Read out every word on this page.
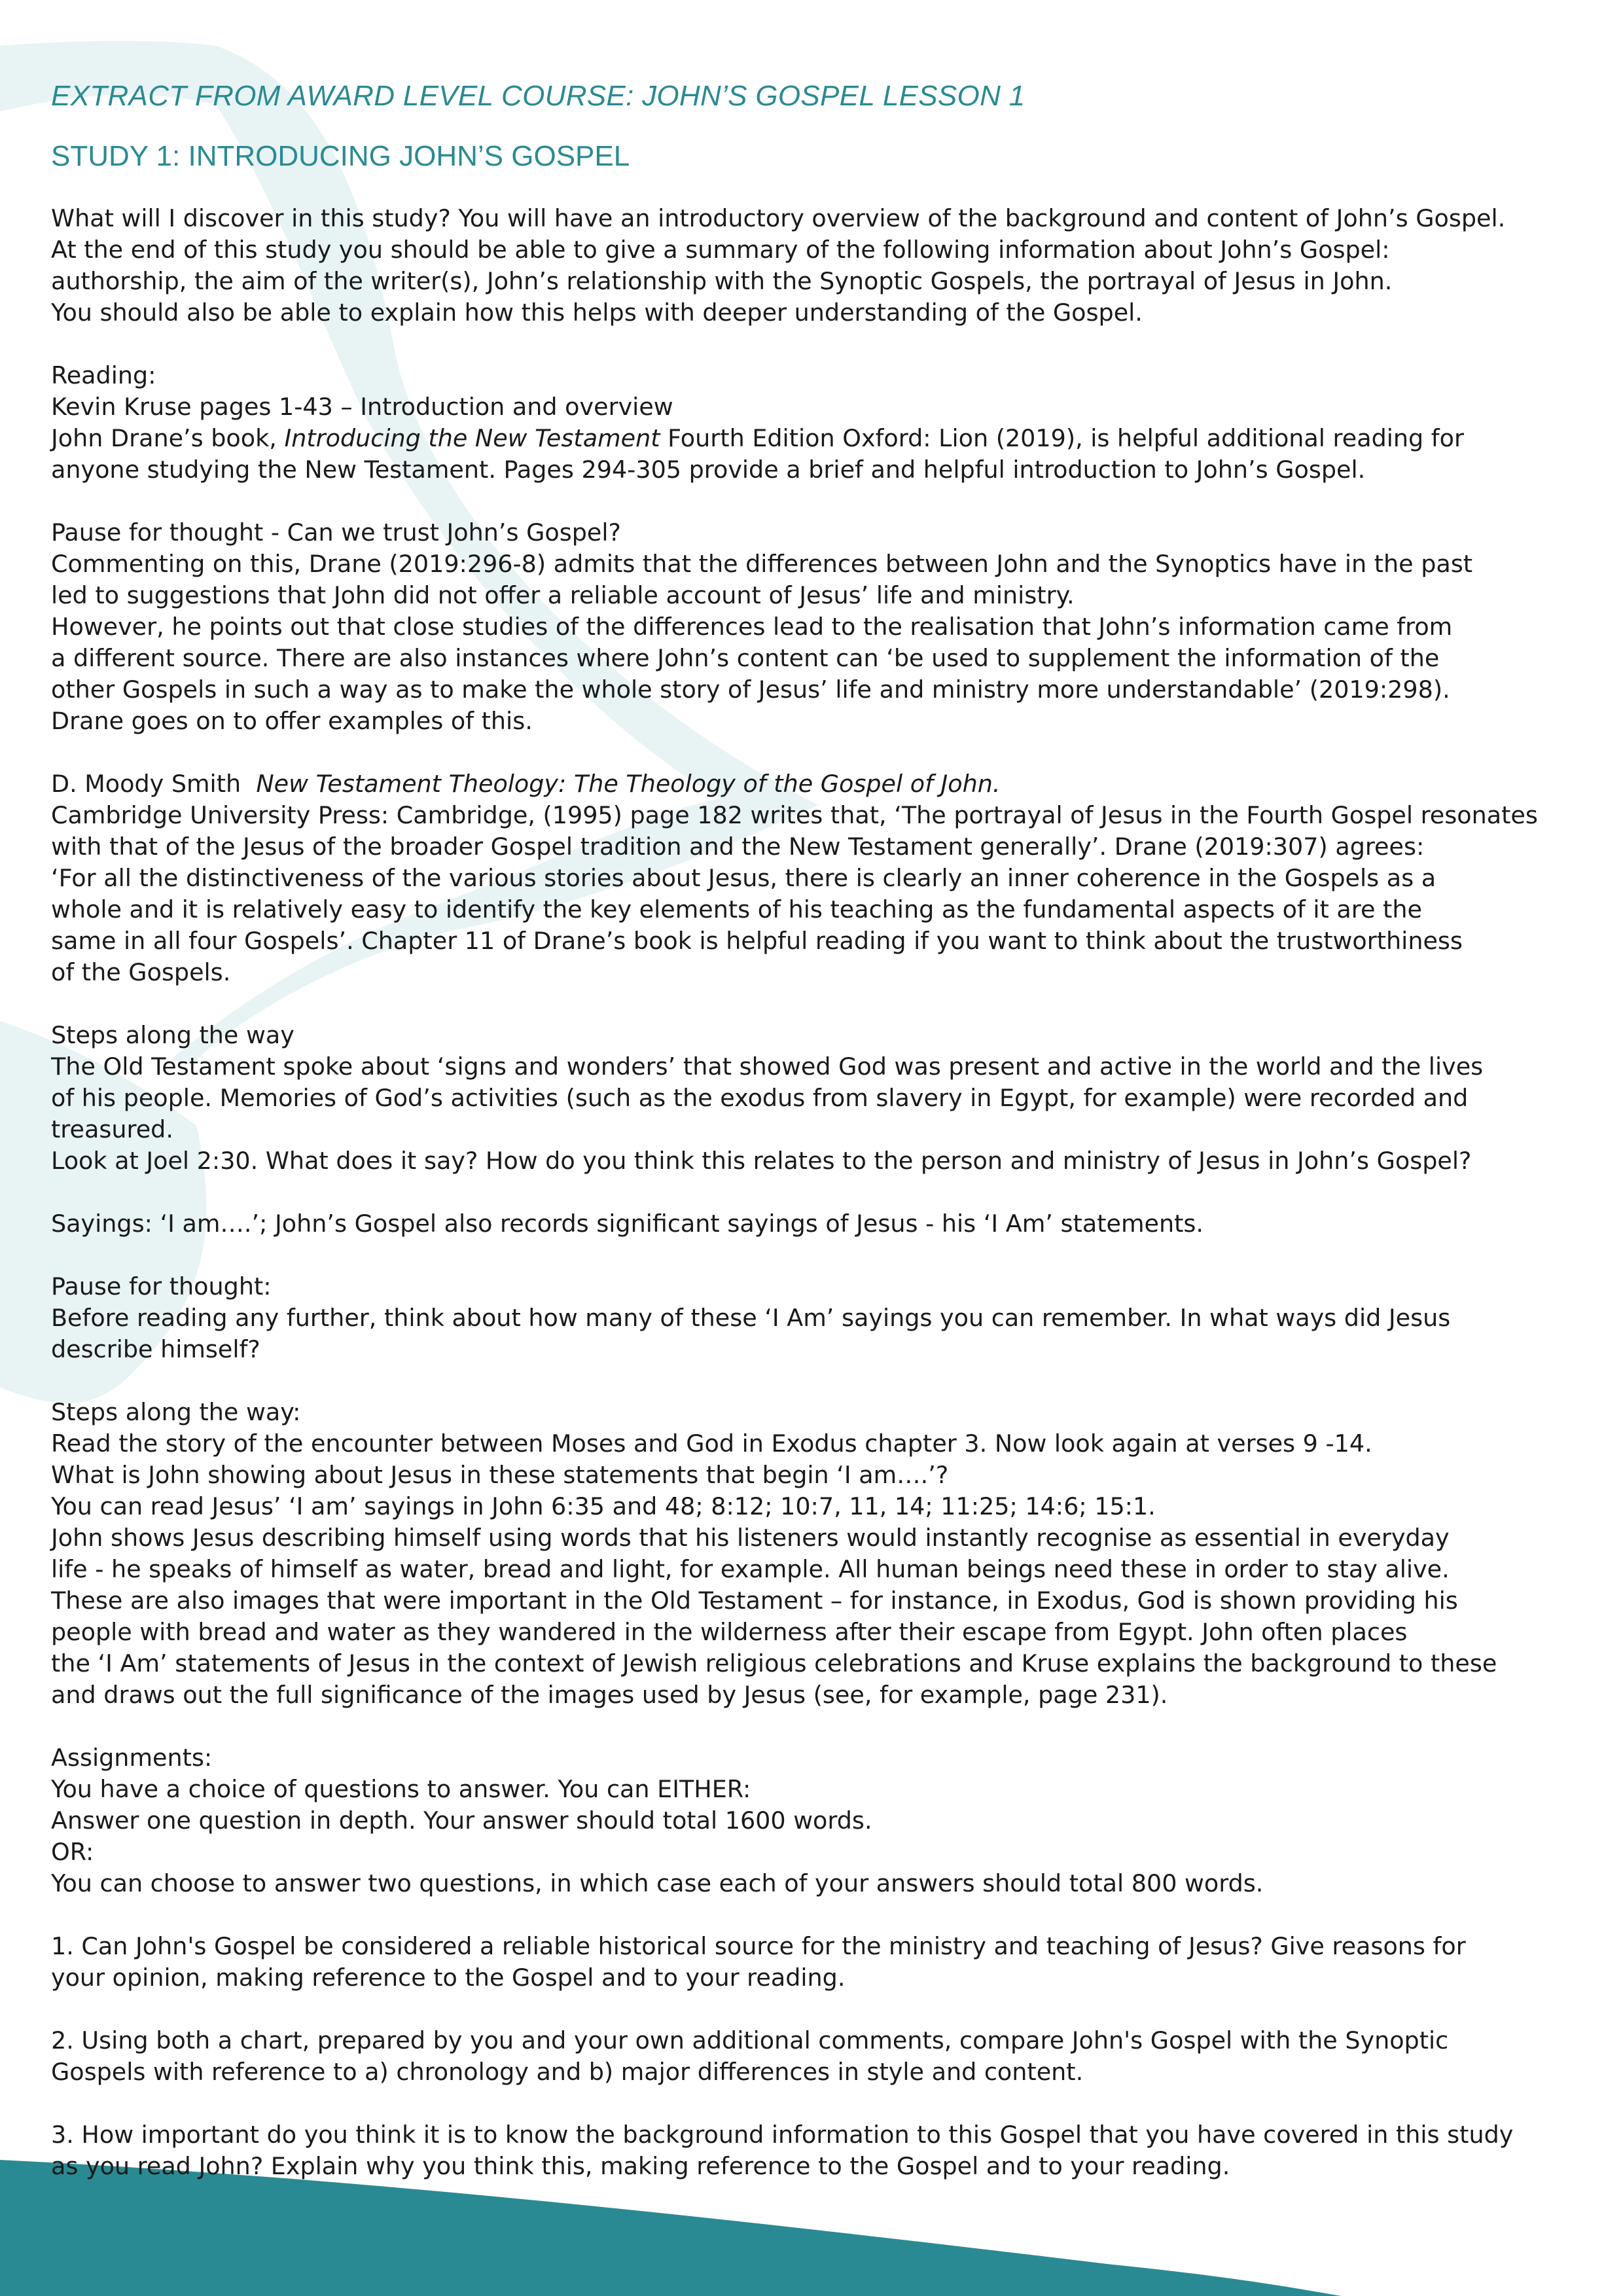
EXTRACT FROM AWARD LEVEL COURSE: JOHN’S GOSPEL LESSON 1
STUDY 1: INTRODUCING JOHN’S GOSPEL
What will I discover in this study? You will have an introductory overview of the background and content of John’s Gospel.
At the end of this study you should be able to give a summary of the following information about John’s Gospel:
authorship, the aim of the writer(s), John’s relationship with the Synoptic Gospels, the portrayal of Jesus in John.
You should also be able to explain how this helps with deeper understanding of the Gospel.
Reading:
Kevin Kruse pages 1-43 – Introduction and overview
John Drane’s book, Introducing the New Testament Fourth Edition Oxford: Lion (2019), is helpful additional reading for
anyone studying the New Testament. Pages 294-305 provide a brief and helpful introduction to John’s Gospel.
Pause for thought - Can we trust John’s Gospel?
Commenting on this, Drane (2019:296-8) admits that the differences between John and the Synoptics have in the past
led to suggestions that John did not offer a reliable account of Jesus’ life and ministry.
However, he points out that close studies of the differences lead to the realisation that John’s information came from
a different source. There are also instances where John’s content can ‘be used to supplement the information of the
other Gospels in such a way as to make the whole story of Jesus’ life and ministry more understandable’ (2019:298).
Drane goes on to offer examples of this.
D. Moody Smith  New Testament Theology: The Theology of the Gospel of John.
Cambridge University Press: Cambridge, (1995) page 182 writes that, ‘The portrayal of Jesus in the Fourth Gospel resonates
with that of the Jesus of the broader Gospel tradition and the New Testament generally’. Drane (2019:307) agrees:
‘For all the distinctiveness of the various stories about Jesus, there is clearly an inner coherence in the Gospels as a
whole and it is relatively easy to identify the key elements of his teaching as the fundamental aspects of it are the
same in all four Gospels’. Chapter 11 of Drane’s book is helpful reading if you want to think about the trustworthiness
of the Gospels.
Steps along the way
The Old Testament spoke about ‘signs and wonders’ that showed God was present and active in the world and the lives
of his people. Memories of God’s activities (such as the exodus from slavery in Egypt, for example) were recorded and
treasured.
Look at Joel 2:30. What does it say? How do you think this relates to the person and ministry of Jesus in John’s Gospel?
Sayings: ‘I am….’; John’s Gospel also records significant sayings of Jesus - his ‘I Am’ statements.
Pause for thought:
Before reading any further, think about how many of these ‘I Am’ sayings you can remember. In what ways did Jesus
describe himself?
Steps along the way:
Read the story of the encounter between Moses and God in Exodus chapter 3. Now look again at verses 9 -14.
What is John showing about Jesus in these statements that begin ‘I am….’?
You can read Jesus’ ‘I am’ sayings in John 6:35 and 48; 8:12; 10:7, 11, 14; 11:25; 14:6; 15:1.
John shows Jesus describing himself using words that his listeners would instantly recognise as essential in everyday
life - he speaks of himself as water, bread and light, for example. All human beings need these in order to stay alive.
These are also images that were important in the Old Testament – for instance, in Exodus, God is shown providing his
people with bread and water as they wandered in the wilderness after their escape from Egypt. John often places
the ‘I Am’ statements of Jesus in the context of Jewish religious celebrations and Kruse explains the background to these
and draws out the full significance of the images used by Jesus (see, for example, page 231).
Assignments:
You have a choice of questions to answer. You can EITHER:
Answer one question in depth. Your answer should total 1600 words.
OR:
You can choose to answer two questions, in which case each of your answers should total 800 words.
1. Can John's Gospel be considered a reliable historical source for the ministry and teaching of Jesus? Give reasons for
your opinion, making reference to the Gospel and to your reading.
2. Using both a chart, prepared by you and your own additional comments, compare John's Gospel with the Synoptic
Gospels with reference to a) chronology and b) major differences in style and content.
3. How important do you think it is to know the background information to this Gospel that you have covered in this study
as you read John? Explain why you think this, making reference to the Gospel and to your reading.
